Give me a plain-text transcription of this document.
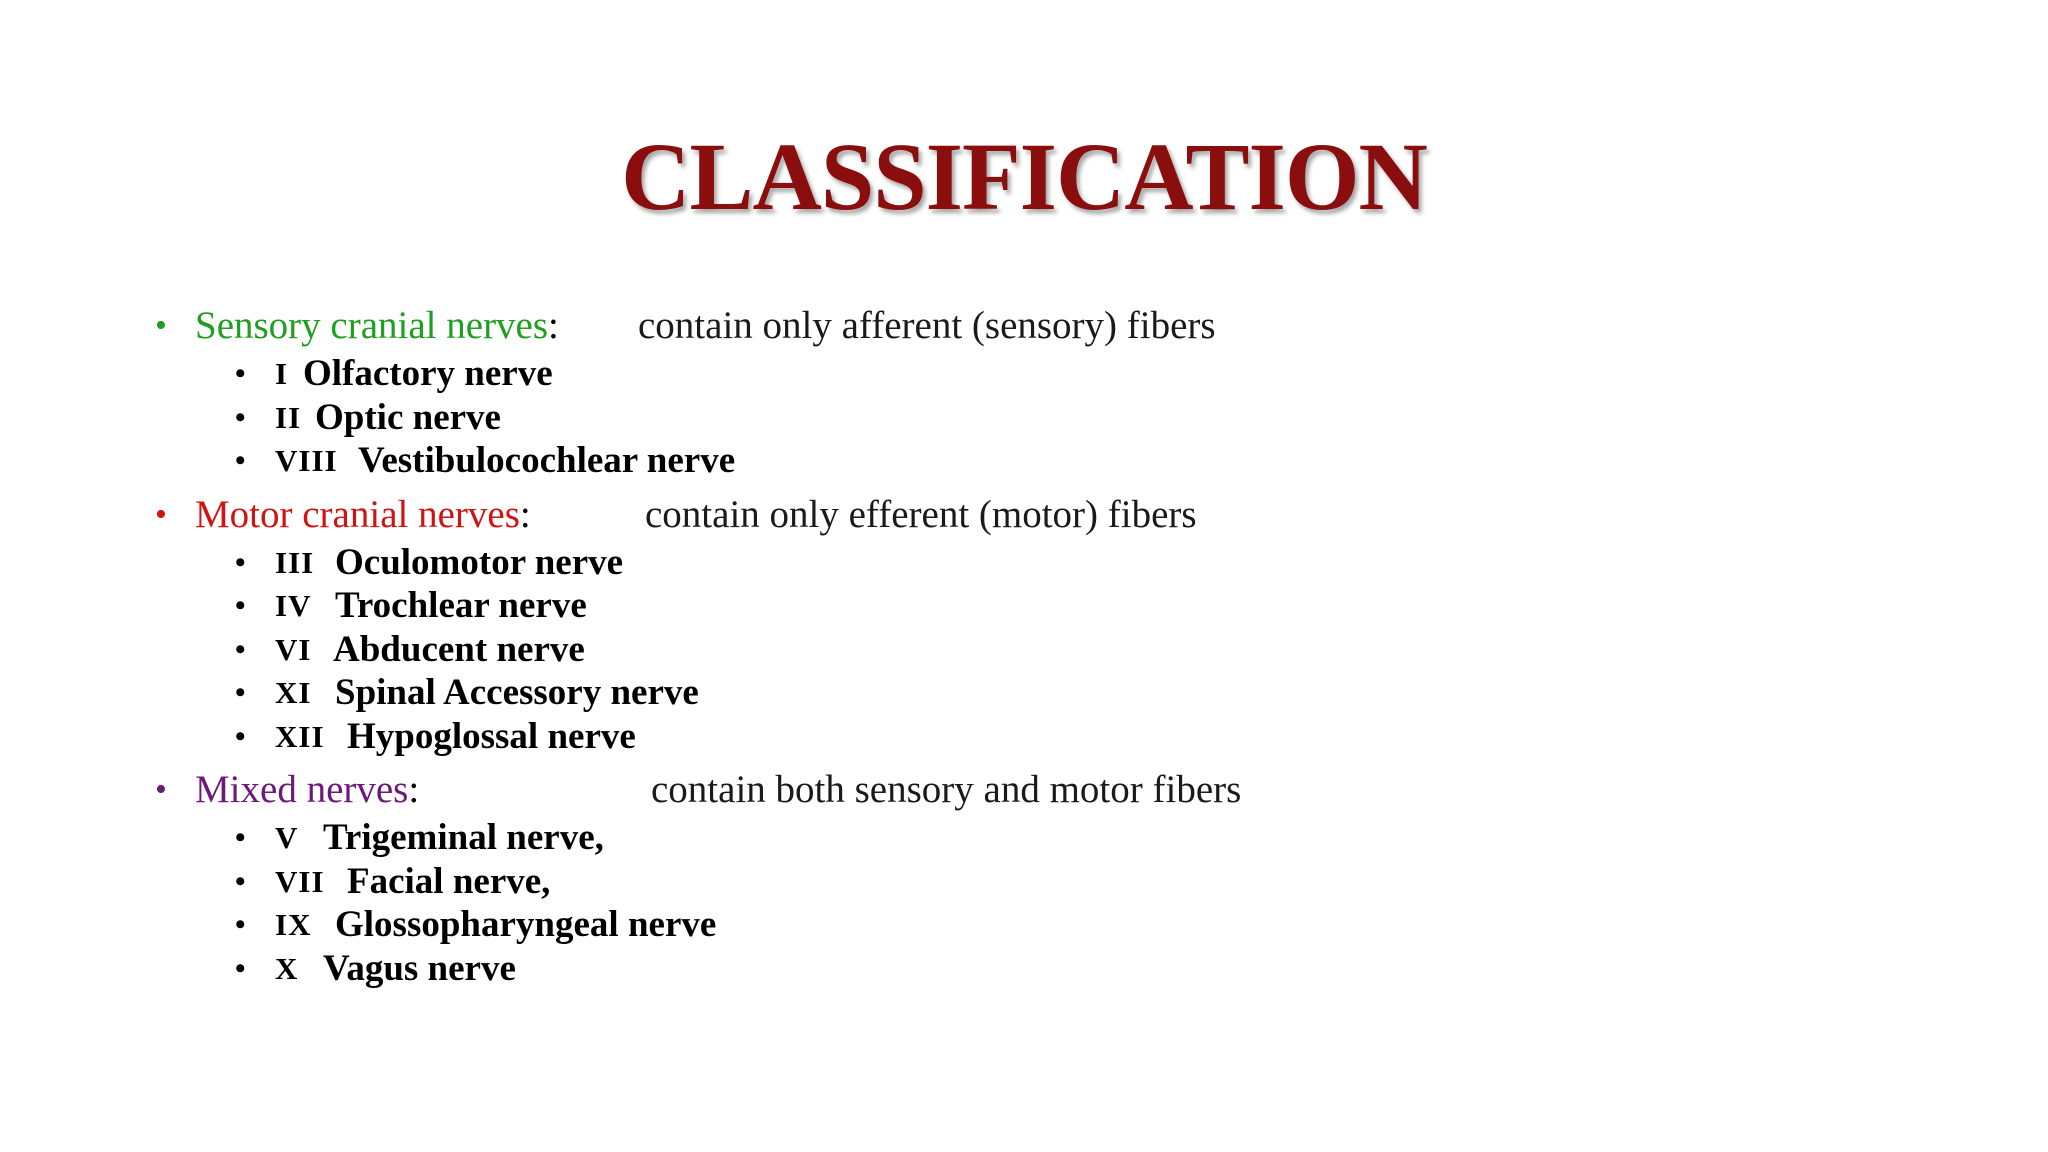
CLASSIFICATION
• Sensory cranial nerves: contain only afferent (sensory) fibers
• I Olfactory nerve
• II Optic nerve
• VIII Vestibulocochlear nerve
• Motor cranial nerves:	contain only efferent (motor) fibers
• III Oculomotor nerve
• IV Trochlear nerve
• VI Abducent nerve
• XI Spinal Accessory nerve
• XII Hypoglossal nerve
• Mixed nerves:	contain both sensory and motor fibers
• V Trigeminal nerve,
• VII Facial nerve,
• IX Glossopharyngeal nerve
• X Vagus nerve
